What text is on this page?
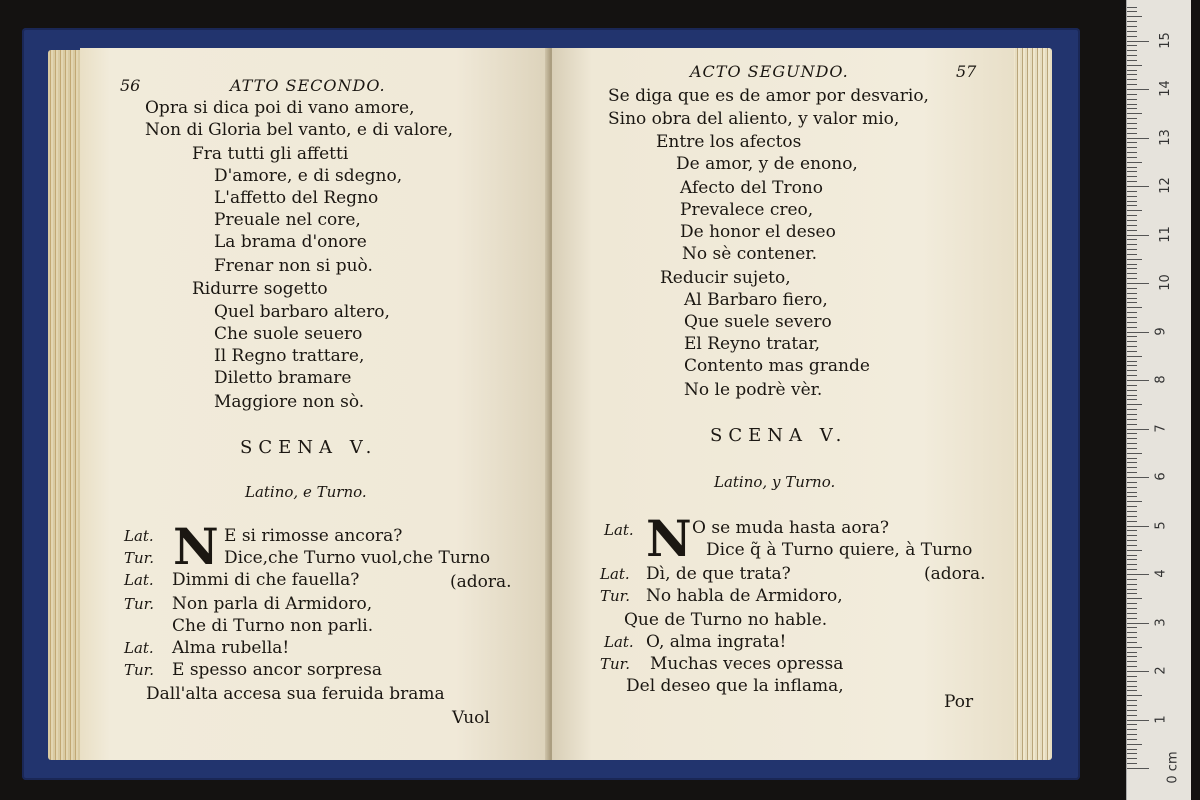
56	ATTO SECONDO.
Opra si dica poi di vano amore,
Non di Gloria bel vanto, e di valore,
Fra tutti gli affetti
D'amore, e di sdegno,
L'affetto del Regno
Preuale nel core,
La brama d'onore
Frenar non si può.
Ridurre sogetto
Quel barbaro altero,
Che suole seuero
Il Regno trattare,
Diletto bramare
Maggiore non sò.
SCENA V.
Latino, e Turno.
N
Lat.	E si rimosse ancora?
Tur.	Dice,che Turno vuol,che Turno
Lat. Dimmi di che fauella?	(adora.
Tur. Non parla di Armidoro,
Che di Turno non parli.
Lat. Alma rubella!
Tur. E spesso ancor sorpresa
Dall'alta accesa sua feruida brama
Vuol
ACTO SEGUNDO.	57
Se diga que es de amor por desvario,
Sino obra del aliento, y valor mio,
Entre los afectos
De amor, y de enono,
Afecto del Trono
Prevalece creo,
De honor el deseo
No sè contener.
Reducir sujeto,
Al Barbaro fiero,
Que suele severo
El Reyno tratar,
Contento mas grande
No le podrè vèr.
SCENA V.
Latino, y Turno.
N
Lat.	O se muda hasta aora?
Dice q̃ à Turno quiere, à Turno
Lat. Dì, de que trata?	(adora.
Tur. No habla de Armidoro,
Que de Turno no hable.
Lat. O, alma ingrata!
Tur. Muchas veces opressa
Del deseo que la inflama,
Por
0 cm
1
2
3
4
5
6
7
8
9
10
11
12
13
14
15
